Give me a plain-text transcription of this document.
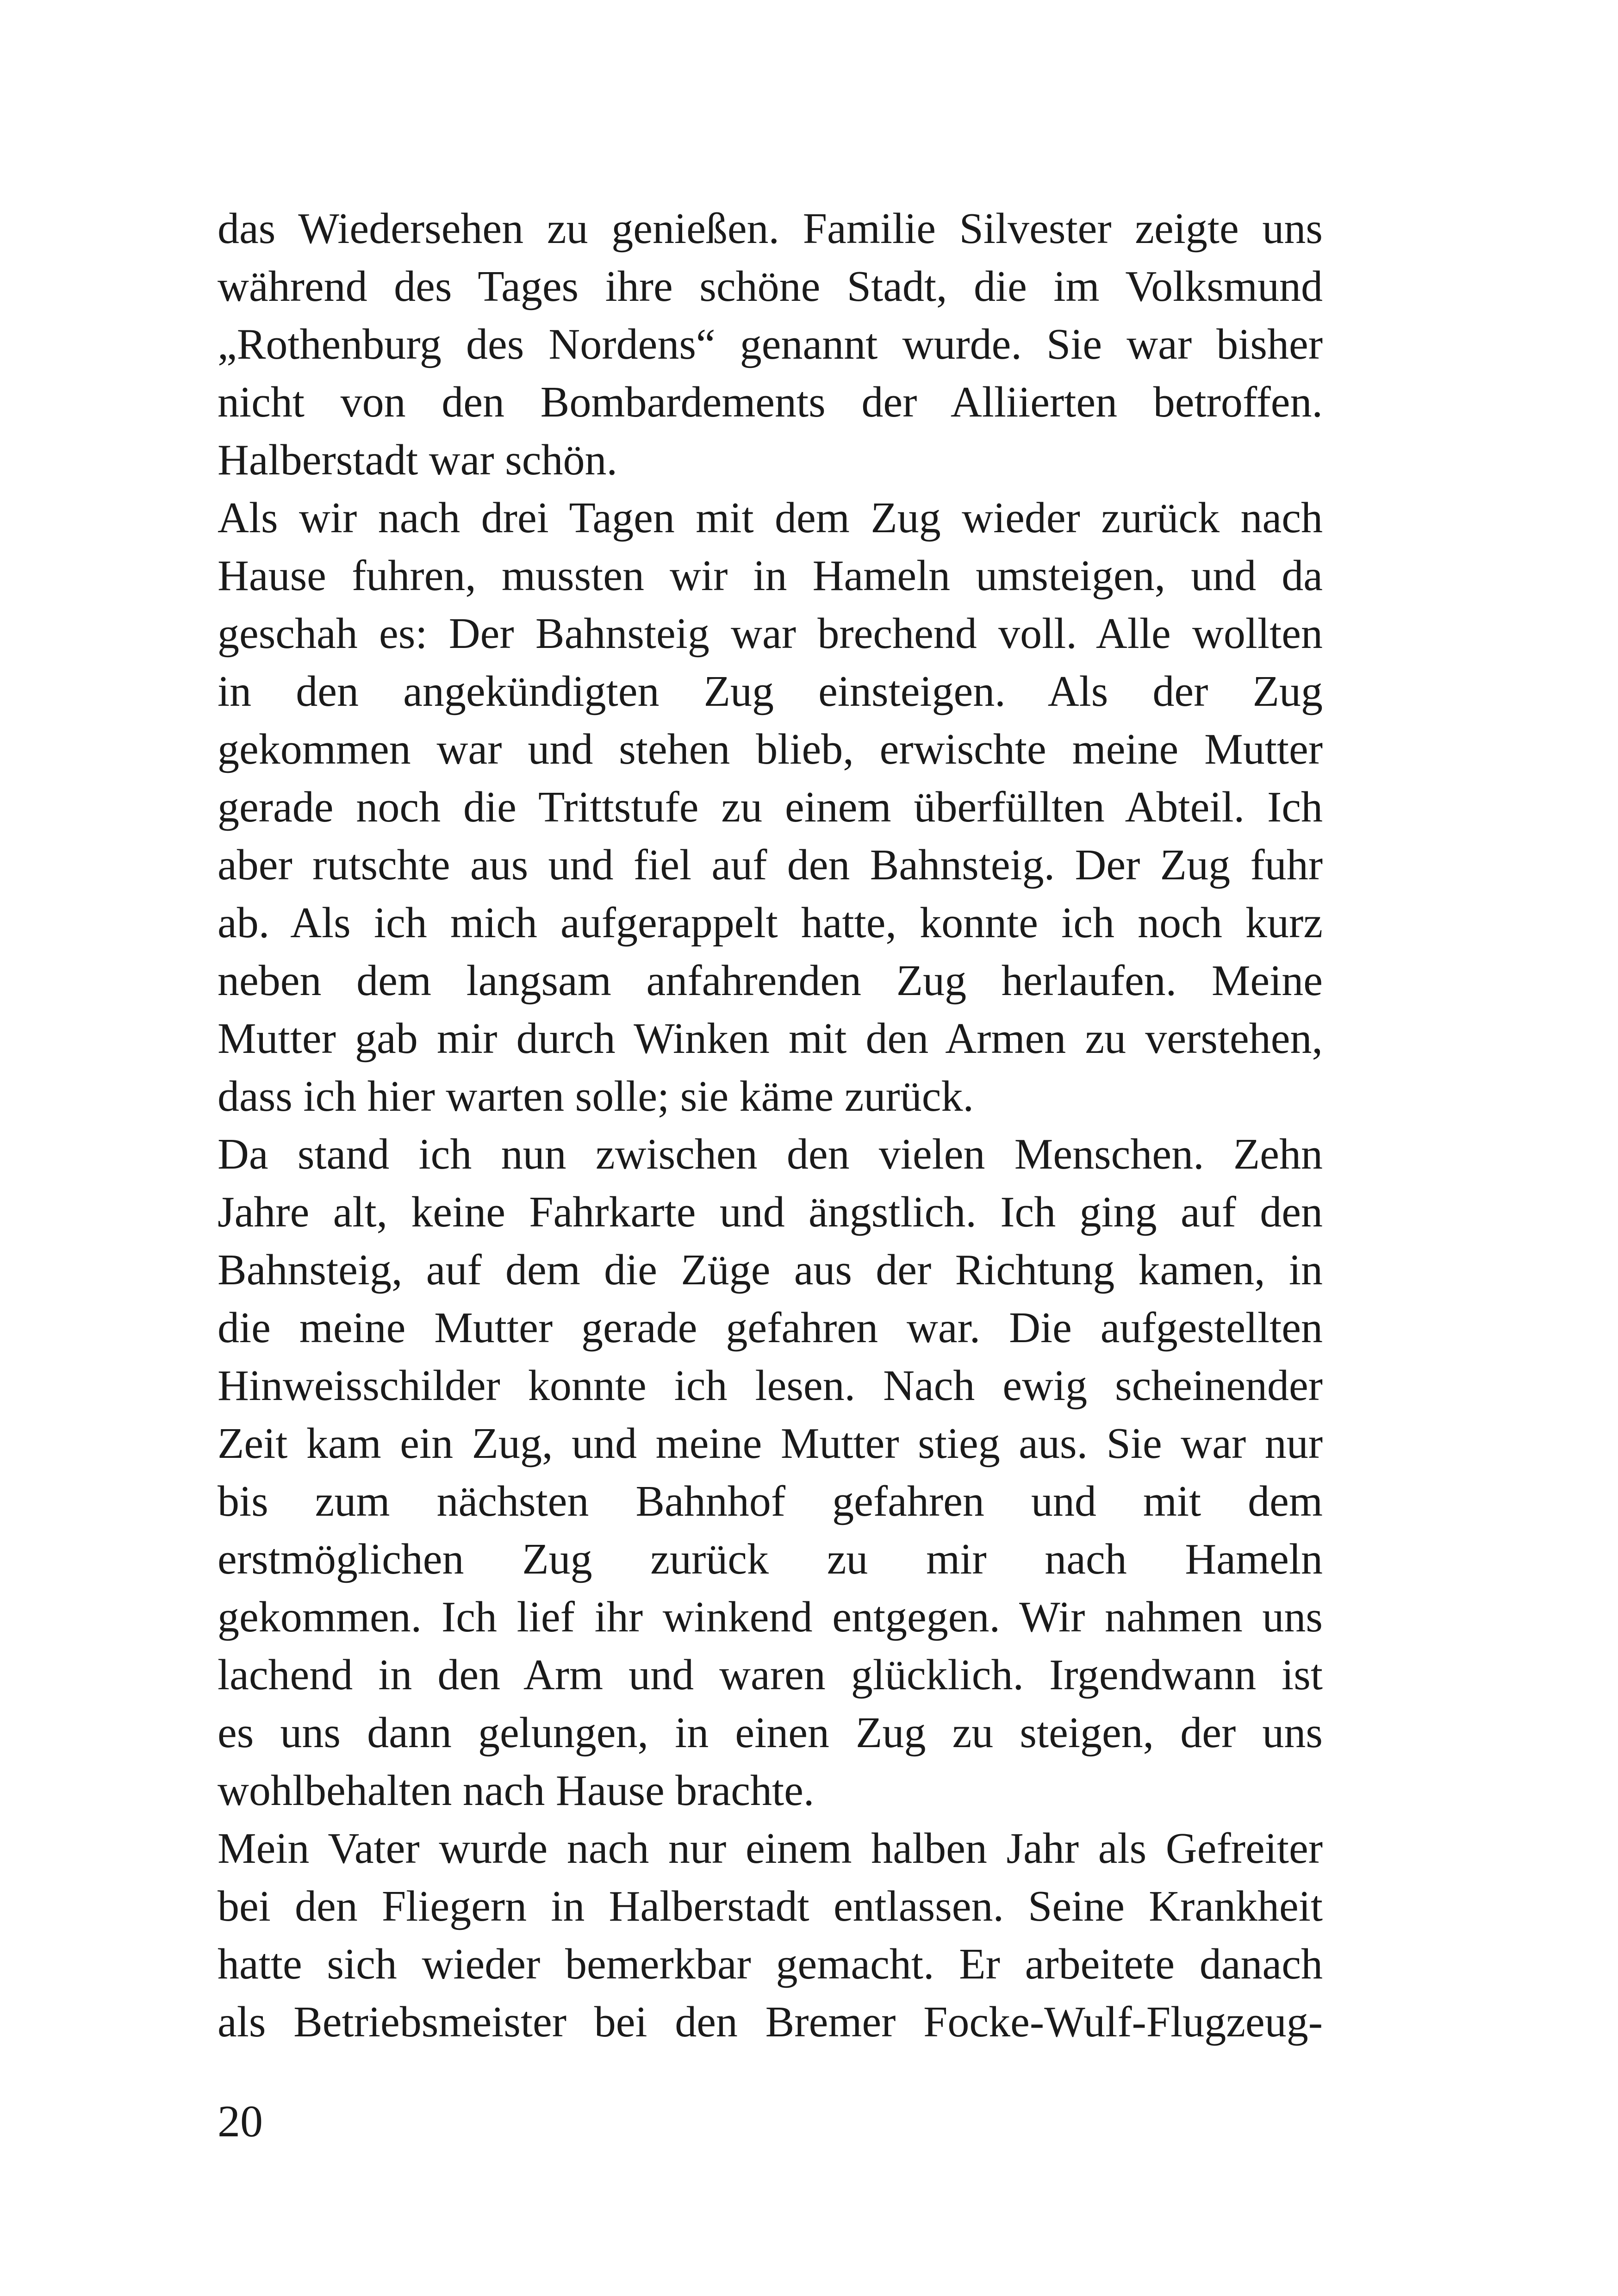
das Wiedersehen zu genießen. Familie Silvester zeigte uns
während des Tages ihre schöne Stadt, die im Volksmund
„Rothenburg des Nordens“ genannt wurde. Sie war bisher
nicht von den Bombardements der Alliierten betroffen.
Halberstadt war schön.
Als wir nach drei Tagen mit dem Zug wieder zurück nach
Hause fuhren, mussten wir in Hameln umsteigen, und da
geschah es: Der Bahnsteig war brechend voll. Alle wollten
in den angekündigten Zug einsteigen. Als der Zug
gekommen war und stehen blieb, erwischte meine Mutter
gerade noch die Trittstufe zu einem überfüllten Abteil. Ich
aber rutschte aus und fiel auf den Bahnsteig. Der Zug fuhr
ab. Als ich mich aufgerappelt hatte, konnte ich noch kurz
neben dem langsam anfahrenden Zug herlaufen. Meine
Mutter gab mir durch Winken mit den Armen zu verstehen,
dass ich hier warten solle; sie käme zurück.
Da stand ich nun zwischen den vielen Menschen. Zehn
Jahre alt, keine Fahrkarte und ängstlich. Ich ging auf den
Bahnsteig, auf dem die Züge aus der Richtung kamen, in
die meine Mutter gerade gefahren war. Die aufgestellten
Hinweisschilder konnte ich lesen. Nach ewig scheinender
Zeit kam ein Zug, und meine Mutter stieg aus. Sie war nur
bis zum nächsten Bahnhof gefahren und mit dem
erstmöglichen Zug zurück zu mir nach Hameln
gekommen. Ich lief ihr winkend entgegen. Wir nahmen uns
lachend in den Arm und waren glücklich. Irgendwann ist
es uns dann gelungen, in einen Zug zu steigen, der uns
wohlbehalten nach Hause brachte.
Mein Vater wurde nach nur einem halben Jahr als Gefreiter
bei den Fliegern in Halberstadt entlassen. Seine Krankheit
hatte sich wieder bemerkbar gemacht. Er arbeitete danach
als Betriebsmeister bei den Bremer Focke-Wulf-Flugzeug-
20
